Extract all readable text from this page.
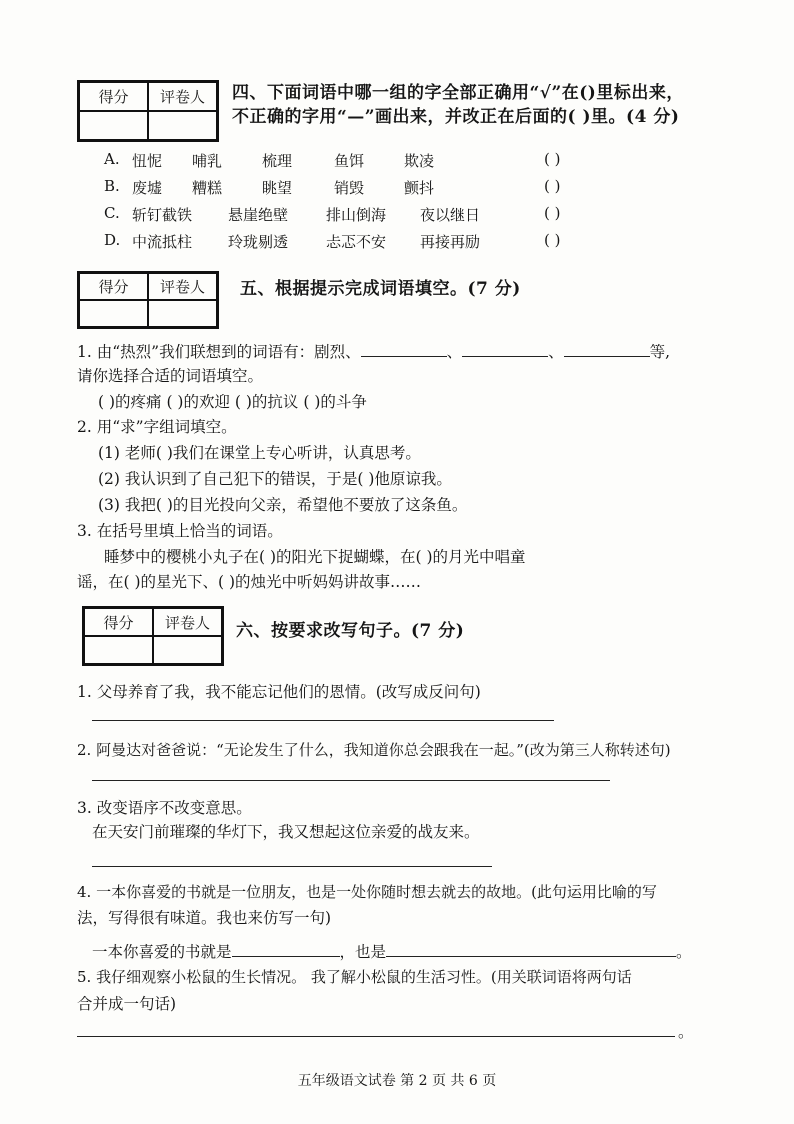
得分	评卷人	四、下面词语中哪一组的字全部正确用“√”在()里标出来，
不正确的字用“—”画出来，并改正在后面的( )里。(4 分)
A. 忸怩 哺乳	梳理	鱼饵	欺凌	( )
B. 废墟 糟糕	眺望	销毁	颤抖	( )
C. 斩钉截铁 悬崖绝壁	排山倒海 夜以继日	( )
D. 中流抵柱 玲珑剔透	忐忑不安 再接再励	( )
得分	评卷人	五、根据提示完成词语填空。(7 分)
1. 由“热烈”我们联想到的词语有：剧烈、	、	、	等,
请你选择合适的词语填空。
( )的疼痛 ( )的欢迎 ( )的抗议 ( )的斗争
2. 用“求”字组词填空。
(1) 老师( )我们在课堂上专心听讲，认真思考。
(2) 我认识到了自己犯下的错误，于是( )他原谅我。
(3) 我把( )的目光投向父亲，希望他不要放了这条鱼。
3. 在括号里填上恰当的词语。
睡梦中的樱桃小丸子在( )的阳光下捉蝴蝶，在( )的月光中唱童
谣，在( )的星光下、( )的烛光中听妈妈讲故事……
得分	评卷人	六、按要求改写句子。(7 分)
1. 父母养育了我，我不能忘记他们的恩情。(改写成反问句)
2. 阿曼达对爸爸说：“无论发生了什么，我知道你总会跟我在一起。”(改为第三人称转述句)
3. 改变语序不改变意思。
在天安门前璀璨的华灯下，我又想起这位亲爱的战友来。
4. 一本你喜爱的书就是一位朋友，也是一处你随时想去就去的故地。(此句运用比喻的写
法，写得很有味道。我也来仿写一句)
一本你喜爱的书就是	，也是	。
5. 我仔细观察小松鼠的生长情况。 我了解小松鼠的生活习性。(用关联词语将两句话
合并成一句话)
。
五年级语文试卷 第 2 页 共 6 页
